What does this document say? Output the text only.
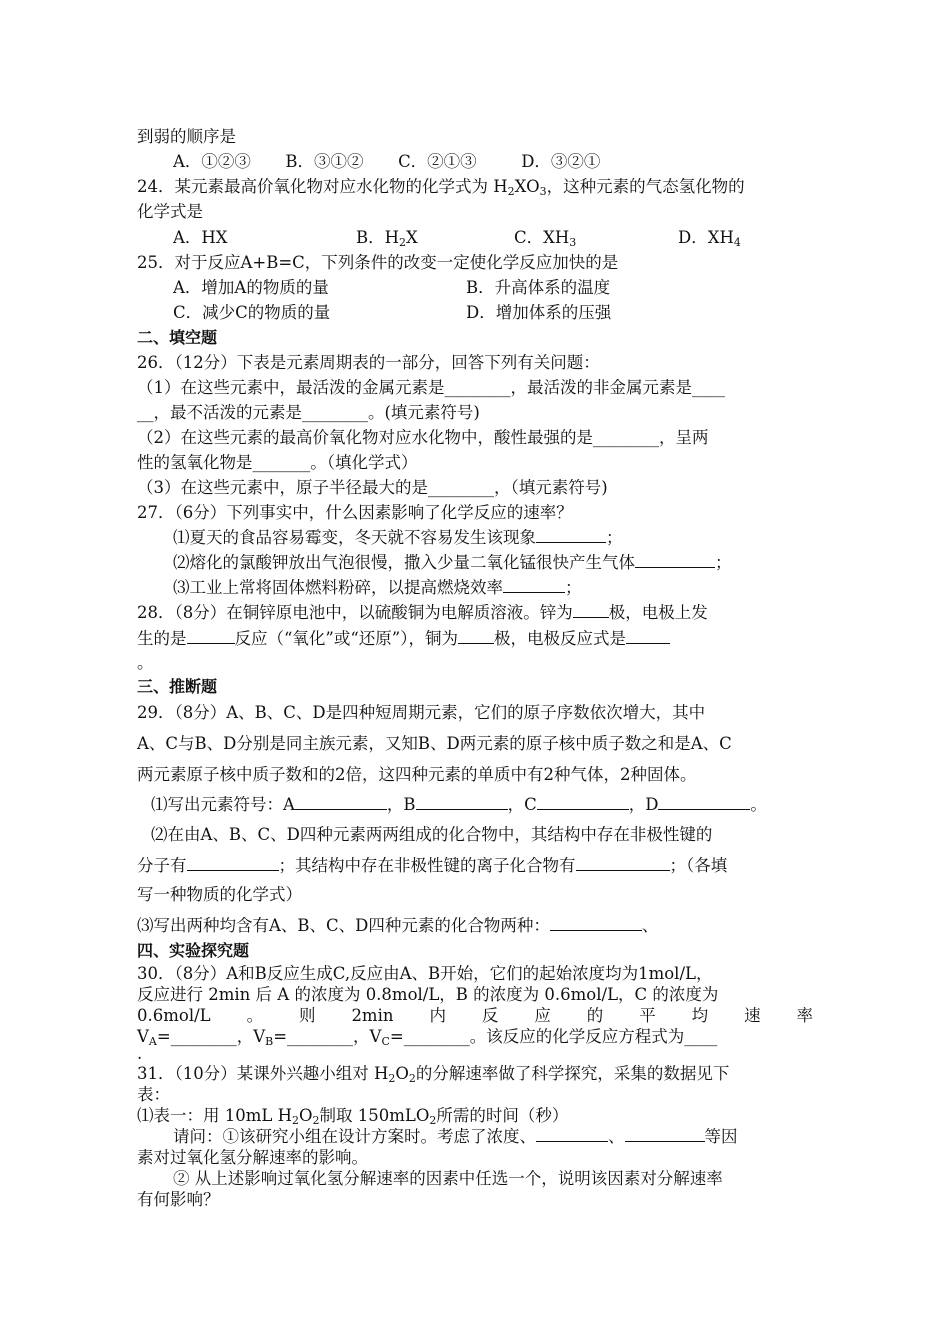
到弱的顺序是
A．①②③ B．③①② C．②①③	D．③②①
24．某元素最高价氧化物对应水化物的化学式为 $H_2XO_3$，这种元素的气态氢化物的
化学式是
A．HX	B．$H_2X$	C．$XH_3$	D．$XH_4$
25．对于反应A+B=C，下列条件的改变一定使化学反应加快的是
A．增加A的物质的量	B．升高体系的温度
C．减少C的物质的量	D．增加体系的压强
二、填空题
26．（12分）下表是元素周期表的一部分，回答下列有关问题：
（1）在这些元素中，最活泼的金属元素是________，最活泼的非金属元素是____
__，最不活泼的元素是________。(填元素符号)
（2）在这些元素的最高价氧化物对应水化物中，酸性最强的是________，呈两
性的氢氧化物是_______。（填化学式）
（3）在这些元素中，原子半径最大的是________，（填元素符号)
27．（6分）下列事实中，什么因素影响了化学反应的速率？
⑴夏天的食品容易霉变，冬天就不容易发生该现象	；
⑵熔化的氯酸钾放出气泡很慢，撒入少量二氧化锰很快产生气体	；
⑶工业上常将固体燃料粉碎，以提高燃烧效率	；
28．（8分）在铜锌原电池中，以硫酸铜为电解质溶液。锌为 极，电极上发
生的是	反应（“氧化”或“还原”），铜为 极，电极反应式是
。
三、推断题
29．（8分）A、B、C、D是四种短周期元素，它们的原子序数依次增大，其中
A、C与B、D分别是同主族元素，又知B、D两元素的原子核中质子数之和是A、C
两元素原子核中质子数和的2倍，这四种元素的单质中有2种气体，2种固体。
⑴写出元素符号：A	，B	，C	，D	。
⑵在由A、B、C、D四种元素两两组成的化合物中，其结构中存在非极性键的
分子有	；其结构中存在非极性键的离子化合物有	；（各填
写一种物质的化学式）
⑶写出两种均含有A、B、C、D四种元素的化合物两种：	、
四、实验探究题
30．（8分）A和B反应生成C,反应由A、B开始，它们的起始浓度均为1mol/L，
反应进行 2min 后 A 的浓度为 0.8mol/L，B 的浓度为 0.6mol/L，C 的浓度为
0.6mol/L 。 则 2min 内 反 应 的 平 均 速 率
$V_A=\_\_\_\_\_\_\_\_$，$V_B=\_\_\_\_\_\_\_\_$，$V_C=\_\_\_\_\_\_\_\_$。该反应的化学反应方程式为____
.
31．（10分）某课外兴趣小组对 $H_2O_2$的分解速率做了科学探究，采集的数据见下
表：
⑴表一：用 10mL $H_2O_2$制取 150mLO$_2$所需的时间（秒）
请问：①该研究小组在设计方案时。考虑了浓度、	、	等因
素对过氧化氢分解速率的影响。
② 从上述影响过氧化氢分解速率的因素中任选一个，说明该因素对分解速率
有何影响？
